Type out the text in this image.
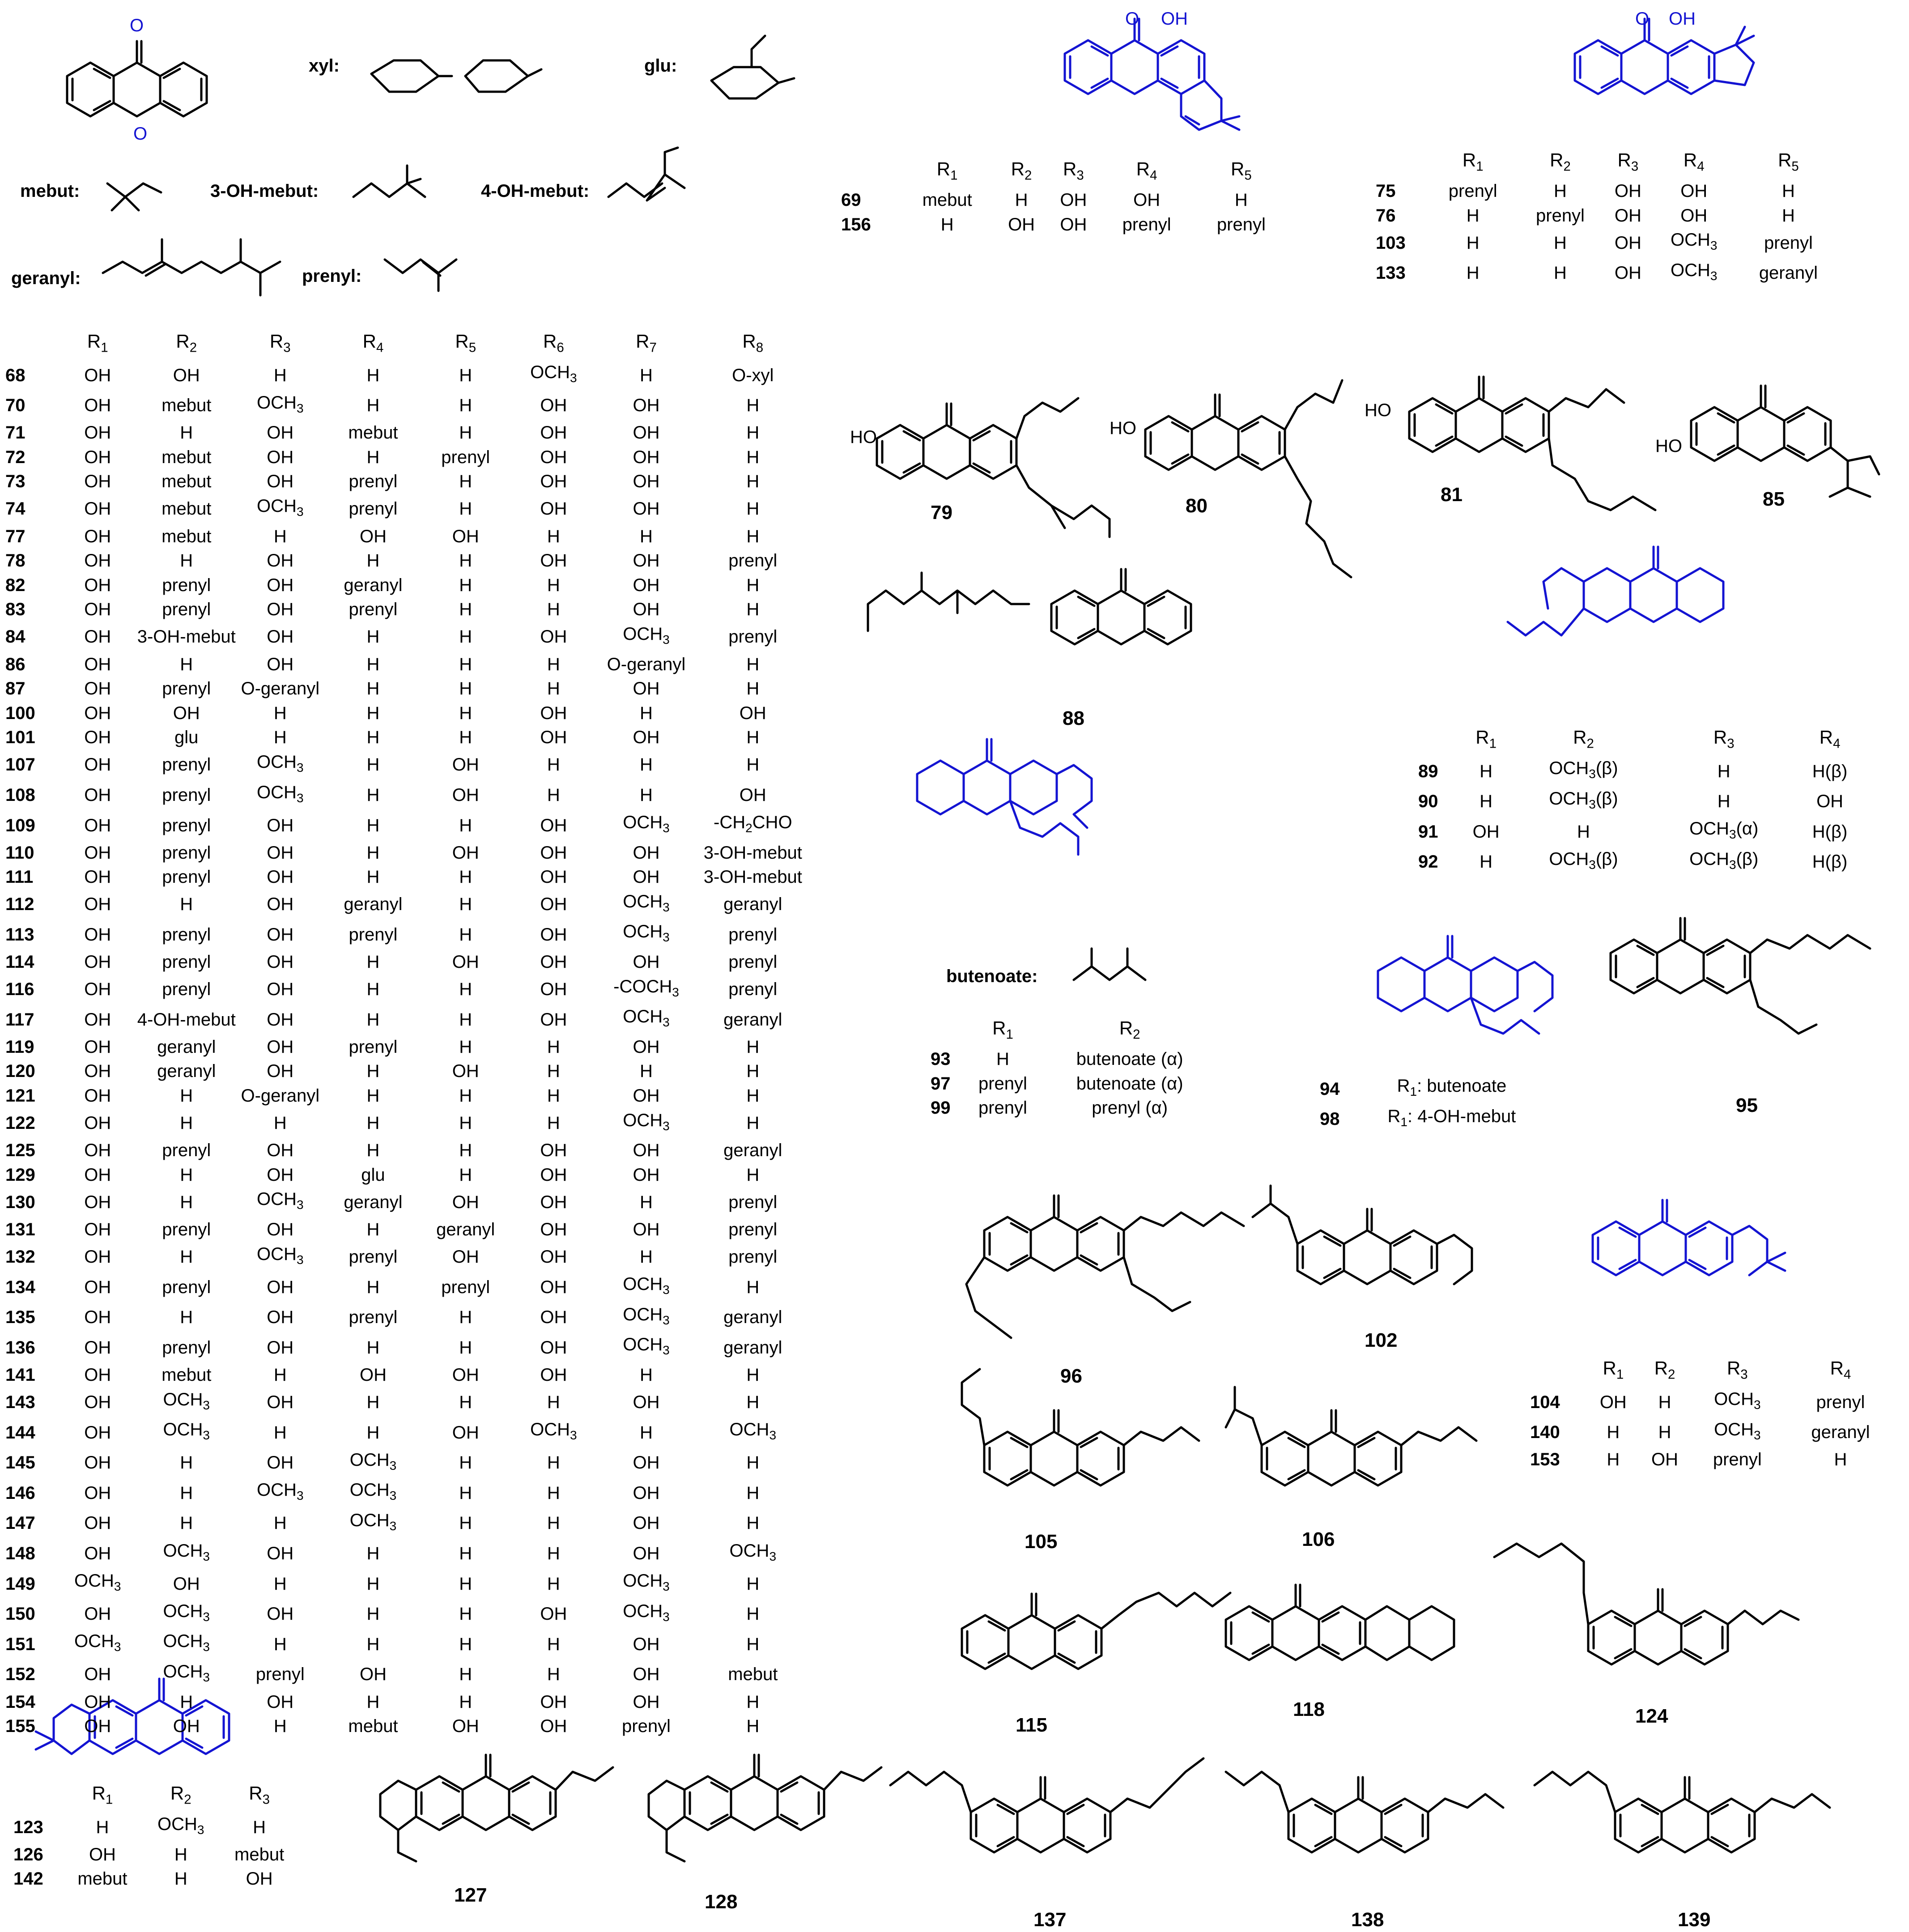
O
O
O OH	O OH
HO	HO
HO
HO
79	80
81	85
88
95
96
102
105	106
115
118	124
127	128
137	138	139
xyl:	glu:
mebut:	3-OH-mebut:	4-OH-mebut:
geranyl:	prenyl:
butenoate:
	$R_1$	$R_2$	$R_3$	$R_4$	$R_5$	$R_6$	$R_7$	$R_8$
68	OH	OH	H	H	H	$OCH_3$	H	O-xyl
70	OH	mebut	$OCH_3$	H	H	OH	OH	H
71	OH	H	OH	mebut	H	OH	OH	H
72	OH	mebut	OH	H	prenyl	OH	OH	H
73	OH	mebut	OH	prenyl	H	OH	OH	H
74	OH	mebut	$OCH_3$	prenyl	H	OH	OH	H
77	OH	mebut	H	OH	OH	H	H	H
78	OH	H	OH	H	H	OH	OH	prenyl
82	OH	prenyl	OH	geranyl	H	H	OH	H
83	OH	prenyl	OH	prenyl	H	H	OH	H
84	OH	3-OH-mebut	OH	H	H	OH	$OCH_3$	prenyl
86	OH	H	OH	H	H	H	O-geranyl	H
87	OH	prenyl	O-geranyl	H	H	H	OH	H
100	OH	OH	H	H	H	OH	H	OH
101	OH	glu	H	H	H	OH	OH	H
107	OH	prenyl	$OCH_3$	H	OH	H	H	H
108	OH	prenyl	$OCH_3$	H	OH	H	H	OH
109	OH	prenyl	OH	H	H	OH	$OCH_3$	$-CH_2CHO$
110	OH	prenyl	OH	H	OH	OH	OH	3-OH-mebut
111	OH	prenyl	OH	H	H	OH	OH	3-OH-mebut
112	OH	H	OH	geranyl	H	OH	$OCH_3$	geranyl
113	OH	prenyl	OH	prenyl	H	OH	$OCH_3$	prenyl
114	OH	prenyl	OH	H	OH	OH	OH	prenyl
116	OH	prenyl	OH	H	H	OH	$-COCH_3$	prenyl
117	OH	4-OH-mebut	OH	H	H	OH	$OCH_3$	geranyl
119	OH	geranyl	OH	prenyl	H	H	OH	H
120	OH	geranyl	OH	H	OH	H	H	H
121	OH	H	O-geranyl	H	H	H	OH	H
122	OH	H	H	H	H	H	$OCH_3$	H
125	OH	prenyl	OH	H	H	OH	OH	geranyl
129	OH	H	OH	glu	H	OH	OH	H
130	OH	H	$OCH_3$	geranyl	OH	OH	H	prenyl
131	OH	prenyl	OH	H	geranyl	OH	OH	prenyl
132	OH	H	$OCH_3$	prenyl	OH	OH	H	prenyl
134	OH	prenyl	OH	H	prenyl	OH	$OCH_3$	H
135	OH	H	OH	prenyl	H	OH	$OCH_3$	geranyl
136	OH	prenyl	OH	H	H	OH	$OCH_3$	geranyl
141	OH	mebut	H	OH	OH	OH	H	H
143	OH	$OCH_3$	OH	H	H	H	OH	H
144	OH	$OCH_3$	H	H	OH	$OCH_3$	H	$OCH_3$
145	OH	H	OH	$OCH_3$	H	H	OH	H
146	OH	H	$OCH_3$	$OCH_3$	H	H	OH	H
147	OH	H	H	$OCH_3$	H	H	OH	H
148	OH	$OCH_3$	OH	H	H	H	OH	$OCH_3$
149	$OCH_3$	OH	H	H	H	H	$OCH_3$	H
150	OH	$OCH_3$	OH	H	H	OH	$OCH_3$	H
151	$OCH_3$	$OCH_3$	H	H	H	H	OH	H
152	OH	$OCH_3$	prenyl	OH	H	H	OH	mebut
154	OH	H	OH	H	H	OH	OH	H
155	OH	OH	H	mebut	OH	OH	prenyl	H
	$R_1$	$R_2$	$R_3$	$R_4$	$R_5$
69	mebut	H	OH	OH	H
156	H	OH	OH	prenyl	prenyl
	$R_1$	$R_2$	$R_3$	$R_4$	$R_5$
75	prenyl	H	OH	OH	H
76	H	prenyl	OH	OH	H
103	H	H	OH	$OCH_3$	prenyl
133	H	H	OH	$OCH_3$	geranyl
	$R_1$	$R_2$	$R_3$	$R_4$
89	H	$OCH_3(\beta)$	H	H(β)
90	H	$OCH_3(\beta)$	H	OH
91	OH	H	$OCH_3(\alpha)$	H(β)
92	H	$OCH_3(\beta)$	$OCH_3(\beta)$	H(β)
	$R_1$	$R_2$
93	H	butenoate (α)
97	prenyl	butenoate (α)
99	prenyl	prenyl (α)
94	$R_1$: butenoate
98	$R_1$: 4-OH-mebut
	$R_1$	$R_2$	$R_3$	$R_4$
104	OH	H	$OCH_3$	prenyl
140	H	H	$OCH_3$	geranyl
153	H	OH	prenyl	H
	$R_1$	$R_2$	$R_3$
123	H	$OCH_3$	H
126	OH	H	mebut
142	mebut	H	OH
